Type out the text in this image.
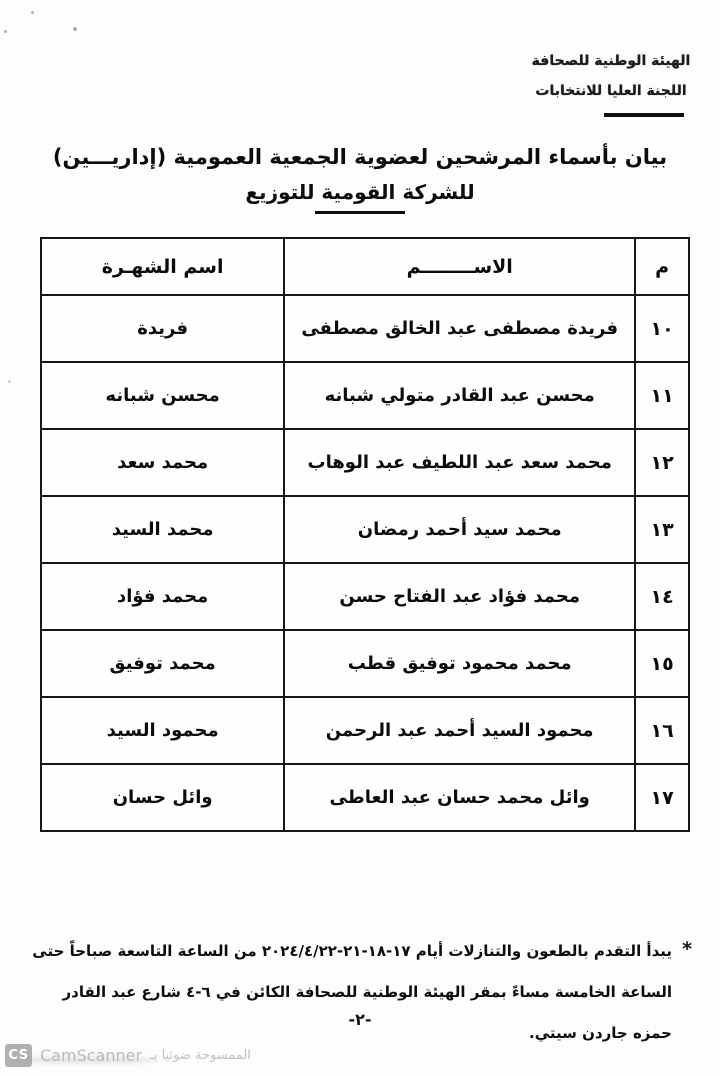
الهيئة الوطنية للصحافة
اللجنة العليا للانتخابات
بيان بأسماء المرشحين لعضوية الجمعية العمومية (إداريـــين)
للشركة القومية للتوزيع
م	الاســــــــم	اسم الشهـرة
١٠	فريدة مصطفى عبد الخالق مصطفى	فريدة
١١	محسن عبد القادر متولي شبانه	محسن شبانه
١٢	محمد سعد عبد اللطيف عبد الوهاب	محمد سعد
١٣	محمد سيد أحمد رمضان	محمد السيد
١٤	محمد فؤاد عبد الفتاح حسن	محمد فؤاد
١٥	محمد محمود توفيق قطب	محمد توفيق
١٦	محمود السيد أحمد عبد الرحمن	محمود السيد
١٧	وائل محمد حسان عبد العاطى	وائل حسان
*
يبدأ التقدم بالطعون والتنازلات أيام ٢٠٢٤/٤/٢٢-٢١-١٨-١٧ من الساعة التاسعة صباحاً حتى الساعة الخامسة مساءً بمقر الهيئة الوطنية للصحافة الكائن في ٤-٦ شارع عبد القادر حمزه جاردن سيتي.
-٢-
CS CamScanner الممسوحة ضوئيا بـ
